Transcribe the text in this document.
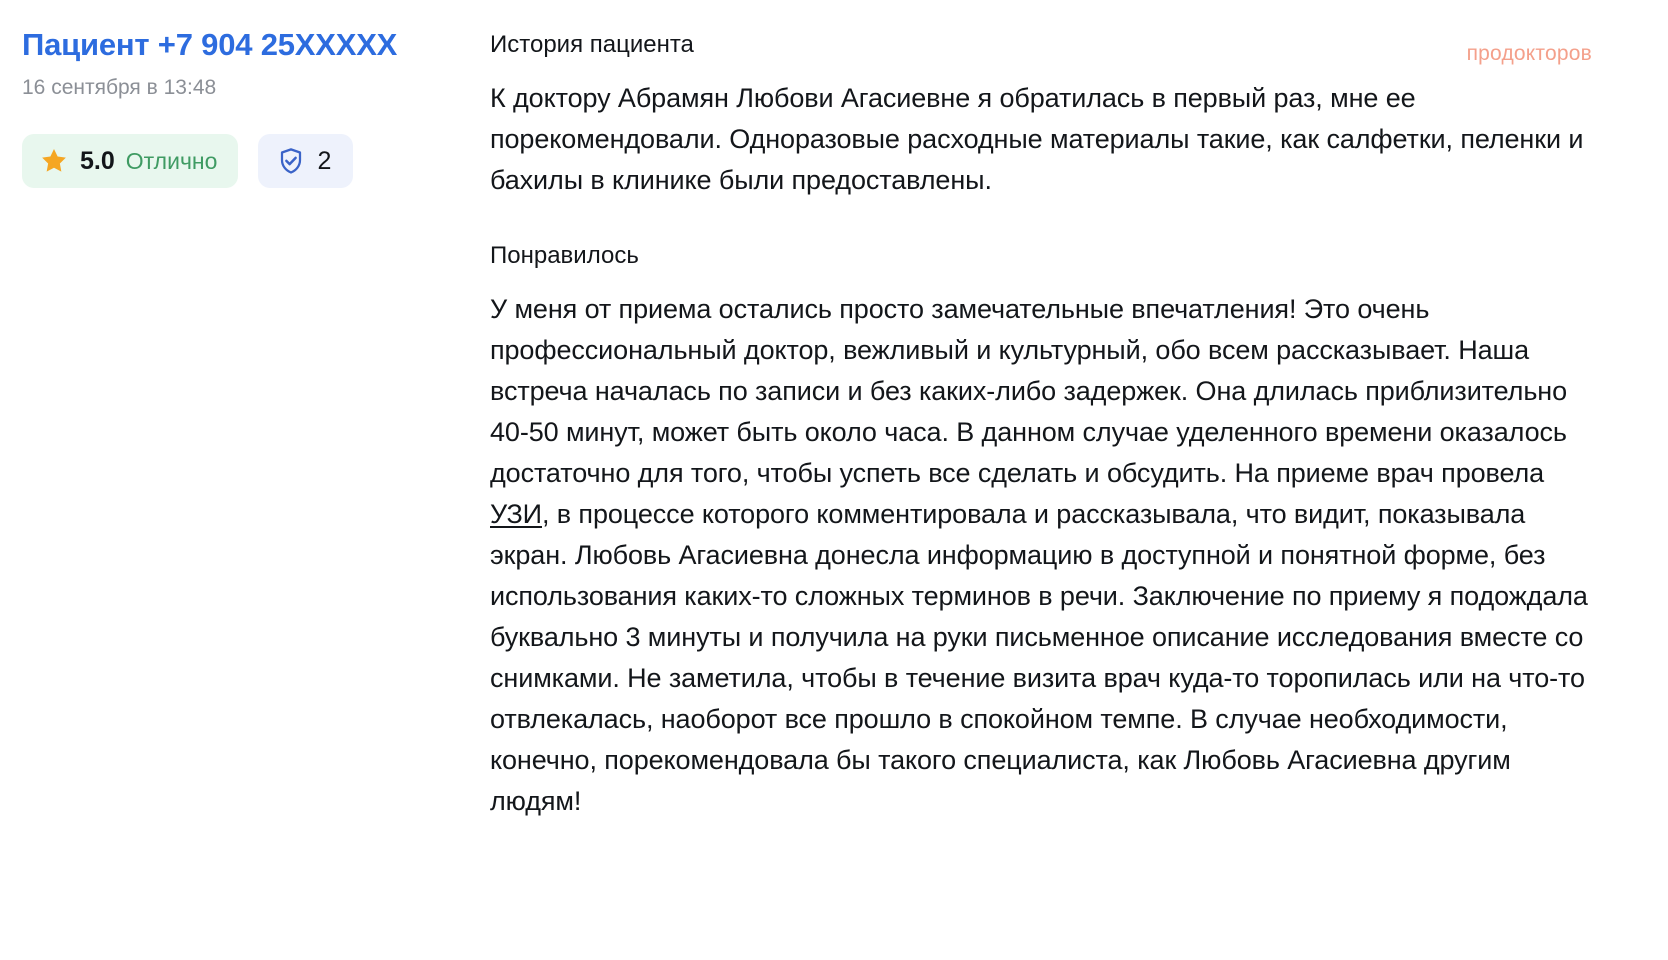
Пациент +7 904 25XXXXX
16 сентября в 13:48
5.0 Отлично	2
продокторов
История пациента

К доктору Абрамян Любови Агасиевне я обратилась в первый раз, мне ее порекомендовали. Одноразовые расходные материалы такие, как салфетки, пеленки и бахилы в клинике были предоставлены.

Понравилось

У меня от приема остались просто замечательные впечатления! Это очень профессиональный доктор, вежливый и культурный, обо всем рассказывает. Наша встреча началась по записи и без каких-либо задержек. Она длилась приблизительно 40-50 минут, может быть около часа. В данном случае уделенного времени оказалось достаточно для того, чтобы успеть все сделать и обсудить. На приеме врач провела УЗИ, в процессе которого комментировала и рассказывала, что видит, показывала экран. Любовь Агасиевна донесла информацию в доступной и понятной форме, без использования каких-то сложных терминов в речи. Заключение по приему я подождала буквально 3 минуты и получила на руки письменное описание исследования вместе со снимками. Не заметила, чтобы в течение визита врач куда-то торопилась или на что-то отвлекалась, наоборот все прошло в спокойном темпе. В случае необходимости, конечно, порекомендовала бы такого специалиста, как Любовь Агасиевна другим людям!
